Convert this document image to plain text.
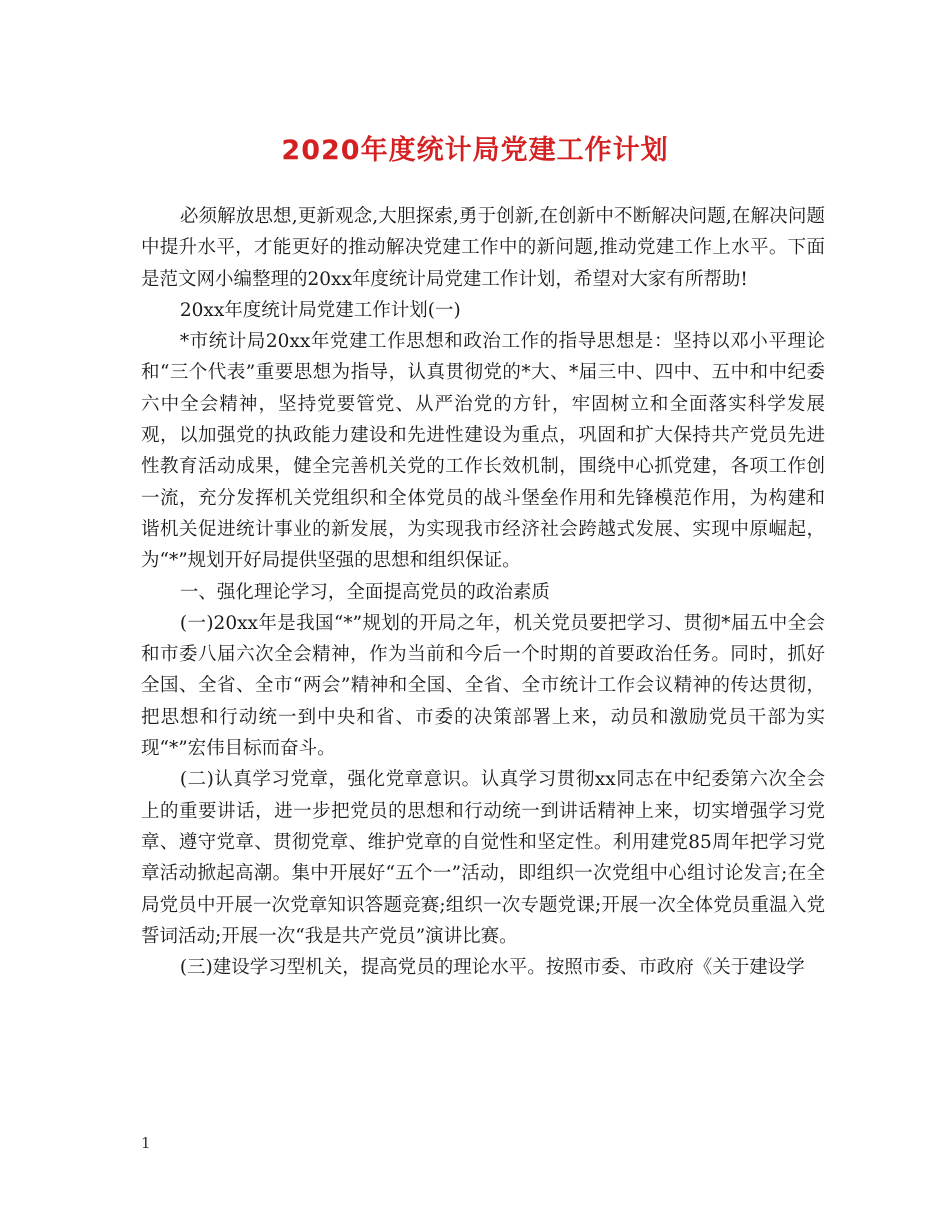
2020年度统计局党建工作计划

必须解放思想,更新观念,大胆探索,勇于创新,在创新中不断解决问题,在解决问题中提升水平，才能更好的推动解决党建工作中的新问题,推动党建工作上水平。下面是范文网小编整理的20xx年度统计局党建工作计划，希望对大家有所帮助!

20xx年度统计局党建工作计划(一)

*市统计局20xx年党建工作思想和政治工作的指导思想是：坚持以邓小平理论和“三个代表”重要思想为指导，认真贯彻党的*大、*届三中、四中、五中和中纪委六中全会精神，坚持党要管党、从严治党的方针，牢固树立和全面落实科学发展观，以加强党的执政能力建设和先进性建设为重点，巩固和扩大保持共产党员先进性教育活动成果，健全完善机关党的工作长效机制，围绕中心抓党建，各项工作创一流，充分发挥机关党组织和全体党员的战斗堡垒作用和先锋模范作用，为构建和谐机关促进统计事业的新发展，为实现我市经济社会跨越式发展、实现中原崛起，为“*”规划开好局提供坚强的思想和组织保证。

一、强化理论学习，全面提高党员的政治素质

(一)20xx年是我国“*”规划的开局之年，机关党员要把学习、贯彻*届五中全会和市委八届六次全会精神，作为当前和今后一个时期的首要政治任务。同时，抓好全国、全省、全市“两会”精神和全国、全省、全市统计工作会议精神的传达贯彻，把思想和行动统一到中央和省、市委的决策部署上来，动员和激励党员干部为实现“*”宏伟目标而奋斗。

(二)认真学习党章，强化党章意识。认真学习贯彻xx同志在中纪委第六次全会上的重要讲话，进一步把党员的思想和行动统一到讲话精神上来，切实增强学习党章、遵守党章、贯彻党章、维护党章的自觉性和坚定性。利用建党85周年把学习党章活动掀起高潮。集中开展好“五个一”活动，即组织一次党组中心组讨论发言;在全局党员中开展一次党章知识答题竞赛;组织一次专题党课;开展一次全体党员重温入党誓词活动;开展一次“我是共产党员”演讲比赛。

(三)建设学习型机关，提高党员的理论水平。按照市委、市政府《关于建设学

1
